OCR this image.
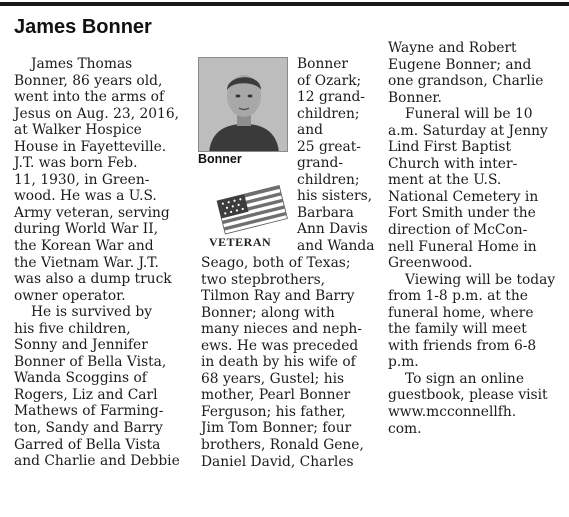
James Bonner
James Thomas
Bonner, 86 years old,
went into the arms of
Jesus on Aug. 23, 2016,
at Walker Hospice
House in Fayetteville.
J.T. was born Feb.
11, 1930, in Green-
wood. He was a U.S.
Army veteran, serving
during World War II,
the Korean War and
the Vietnam War. J.T.
was also a dump truck
owner operator.
He is survived by
his five children,
Sonny and Jennifer
Bonner of Bella Vista,
Wanda Scoggins of
Rogers, Liz and Carl
Mathews of Farming-
ton, Sandy and Barry
Garred of Bella Vista
and Charlie and Debbie
Bonner
of Ozark;
12 grand-
children;
and
25 great-
grand-
children;
his sisters,
Barbara
Ann Davis
and Wanda
Seago, both of Texas;
two stepbrothers,
Tilmon Ray and Barry
Bonner; along with
many nieces and neph-
ews. He was preceded
in death by his wife of
68 years, Gustel; his
mother, Pearl Bonner
Ferguson; his father,
Jim Tom Bonner; four
brothers, Ronald Gene,
Daniel David, Charles
Wayne and Robert
Eugene Bonner; and
one grandson, Charlie
Bonner.
Funeral will be 10
a.m. Saturday at Jenny
Lind First Baptist
Church with inter-
ment at the U.S.
National Cemetery in
Fort Smith under the
direction of McCon-
nell Funeral Home in
Greenwood.
Viewing will be today
from 1-8 p.m. at the
funeral home, where
the family will meet
with friends from 6-8
p.m.
To sign an online
guestbook, please visit
www.mcconnellfh.
com.
Bonner
VETERAN
